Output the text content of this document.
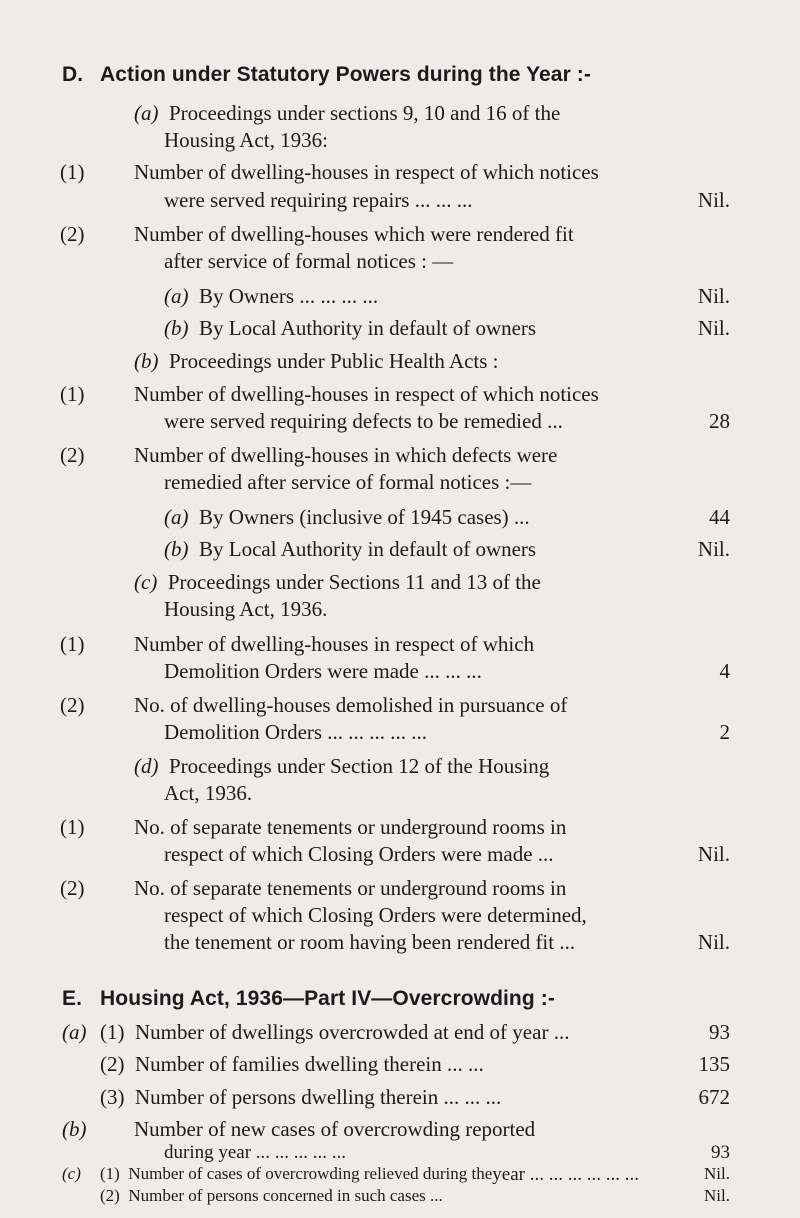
D. Action under Statutory Powers during the Year :-
(a) Proceedings under sections 9, 10 and 16 of the
Housing Act, 1936:
(1) Number of dwelling-houses in respect of which notices
were served requiring repairs ... ... ...	Nil.
(2) Number of dwelling-houses which were rendered fit
after service of formal notices : —
(a) By Owners ... ... ... ...	Nil.
(b) By Local Authority in default of owners	Nil.
(b) Proceedings under Public Health Acts :
(1) Number of dwelling-houses in respect of which notices
were served requiring defects to be remedied ...	28
(2) Number of dwelling-houses in which defects were
remedied after service of formal notices :—
(a) By Owners (inclusive of 1945 cases) ...	44
(b) By Local Authority in default of owners	Nil.
(c) Proceedings under Sections 11 and 13 of the
Housing Act, 1936.
(1) Number of dwelling-houses in respect of which
Demolition Orders were made ... ... ...	4
(2) No. of dwelling-houses demolished in pursuance of
Demolition Orders ... ... ... ... ...	2
(d) Proceedings under Section 12 of the Housing
Act, 1936.
(1) No. of separate tenements or underground rooms in
respect of which Closing Orders were made ...	Nil.
(2) No. of separate tenements or underground rooms in
respect of which Closing Orders were determined,
the tenement or room having been rendered fit ...	Nil.
E. Housing Act, 1936—Part IV—Overcrowding :-
(a) (1) Number of dwellings overcrowded at end of year ...	93
(2) Number of families dwelling therein ... ...	135
(3) Number of persons dwelling therein ... ... ...	672
(b) Number of new cases of overcrowding reported
during year ... ... ... ... ...	93
(c) (1) Number of cases of overcrowding relieved during the year ... ... ... ... ... ...	Nil.
(2) Number of persons concerned in such cases ...	Nil.
